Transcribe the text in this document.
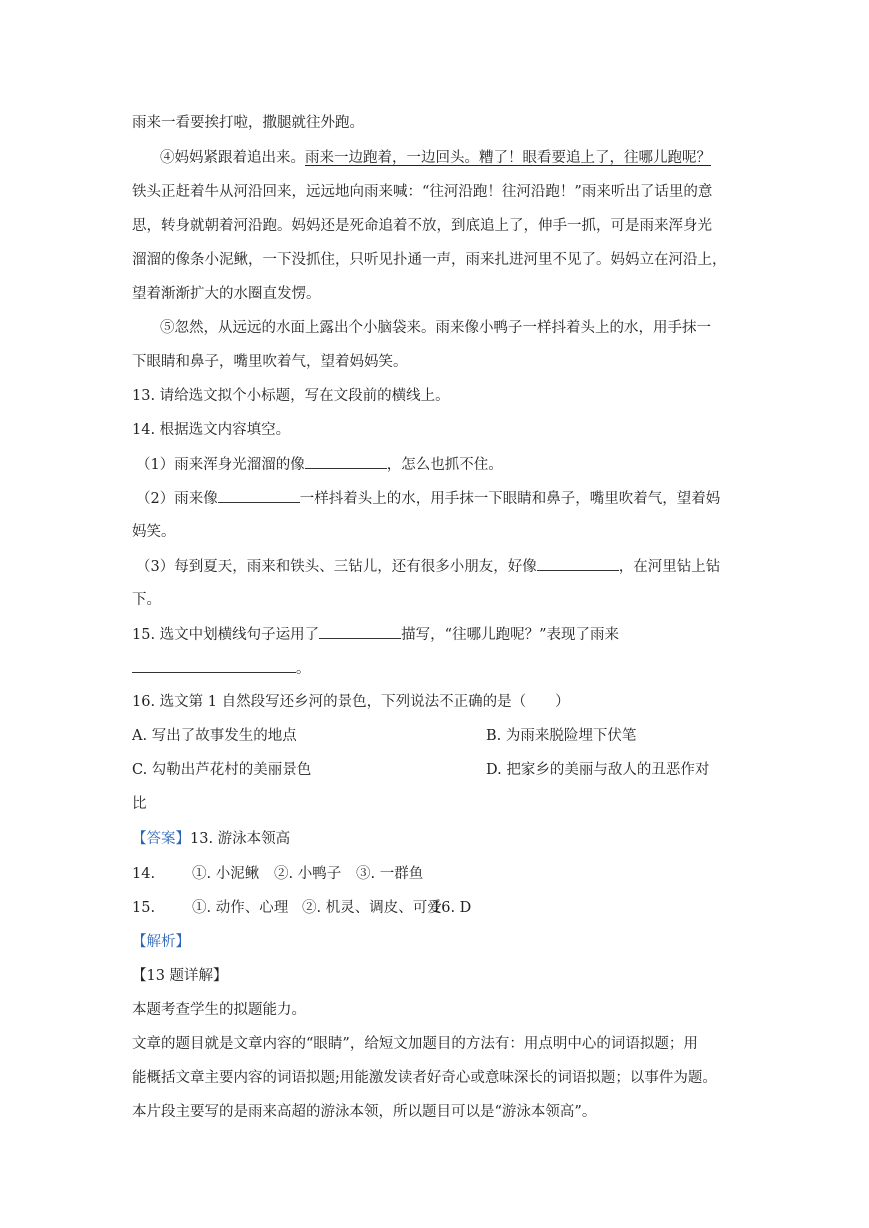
雨来一看要挨打啦，撒腿就往外跑。
④妈妈紧跟着追出来。雨来一边跑着，一边回头。糟了！眼看要追上了，往哪儿跑呢？
铁头正赶着牛从河沿回来，远远地向雨来喊：“往河沿跑！往河沿跑！”雨来听出了话里的意
思，转身就朝着河沿跑。妈妈还是死命追着不放，到底追上了，伸手一抓，可是雨来浑身光
溜溜的像条小泥鳅，一下没抓住，只听见扑通一声，雨来扎进河里不见了。妈妈立在河沿上，
望着渐渐扩大的水圈直发愣。
⑤忽然，从远远的水面上露出个小脑袋来。雨来像小鸭子一样抖着头上的水，用手抹一
下眼睛和鼻子，嘴里吹着气，望着妈妈笑。
13. 请给选文拟个小标题，写在文段前的横线上。
14. 根据选文内容填空。
（1）雨来浑身光溜溜的像	，怎么也抓不住。
（2）雨来像	一样抖着头上的水，用手抹一下眼睛和鼻子，嘴里吹着气，望着妈
妈笑。
（3）每到夏天，雨来和铁头、三钻儿，还有很多小朋友，好像	，在河里钻上钻
下。
15. 选文中划横线句子运用了	描写，“往哪儿跑呢？”表现了雨来
。
16. 选文第 1 自然段写还乡河的景色，下列说法不正确的是（　　）
A. 写出了故事发生的地点	B. 为雨来脱险埋下伏笔
C. 勾勒出芦花村的美丽景色	D. 把家乡的美丽与敌人的丑恶作对
比
【答案】13. 游泳本领高
14.	①. 小泥鳅 ②. 小鸭子 ③. 一群鱼
15.	①. 动作、心理 ②. 机灵、调皮、可爱16. D
【解析】
【13 题详解】
本题考查学生的拟题能力。
文章的题目就是文章内容的“眼睛”，给短文加题目的方法有：用点明中心的词语拟题；用
能概括文章主要内容的词语拟题;用能激发读者好奇心或意味深长的词语拟题；以事件为题。
本片段主要写的是雨来高超的游泳本领，所以题目可以是“游泳本领高”。
